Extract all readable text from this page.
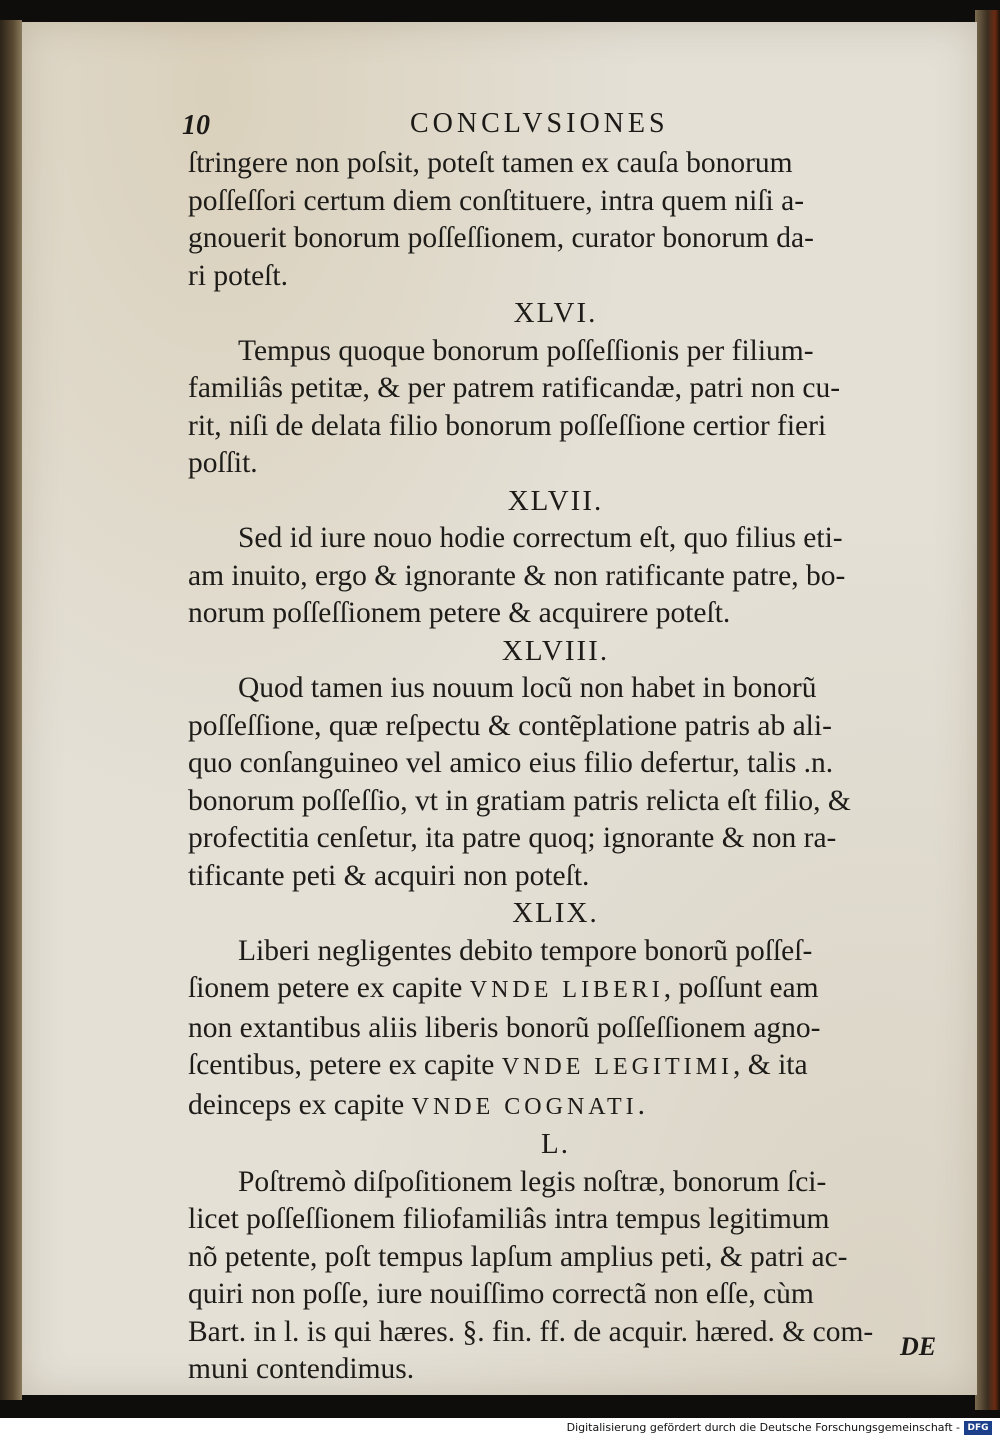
10	CONCLVSIONES
ſtringere non poſsit, poteſt tamen ex cauſa bonorum
poſſeſſori certum diem conſtituere, intra quem niſi a-
gnouerit bonorum poſſeſſionem, curator bonorum da-
ri poteſt.
XLVI.
Tempus quoque bonorum poſſeſſionis per filium-
familiâs petitæ, & per patrem ratificandæ, patri non cu-
rit, niſi de delata filio bonorum poſſeſſione certior fieri
poſſit.
XLVII.
Sed id iure nouo hodie correctum eſt, quo filius eti-
am inuito, ergo & ignorante & non ratificante patre, bo-
norum poſſeſſionem petere & acquirere poteſt.
XLVIII.
Quod tamen ius nouum locũ non habet in bonorũ
poſſeſſione, quæ reſpectu & contẽplatione patris ab ali-
quo conſanguineo vel amico eius filio defertur, talis .n.
bonorum poſſeſſio, vt in gratiam patris relicta eſt filio, &
profectitia cenſetur, ita patre quoq; ignorante & non ra-
tificante peti & acquiri non poteſt.
XLIX.
Liberi negligentes debito tempore bonorũ poſſeſ-
ſionem petere ex capite VNDE LIBERI, poſſunt eam
non extantibus aliis liberis bonorũ poſſeſſionem agno-
ſcentibus, petere ex capite VNDE LEGITIMI, & ita
deinceps ex capite VNDE COGNATI.
L.
Poſtremò diſpoſitionem legis noſtræ, bonorum ſci-
licet poſſeſſionem filiofamiliâs intra tempus legitimum
nõ petente, poſt tempus lapſum amplius peti, & patri ac-
quiri non poſſe, iure nouiſſimo correctã non eſſe, cùm
Bart. in l. is qui hæres. §. fin. ff. de acquir. hæred. & com-
muni contendimus.
DE
Digitalisierung gefördert durch die Deutsche Forschungsgemeinschaft - DFG
